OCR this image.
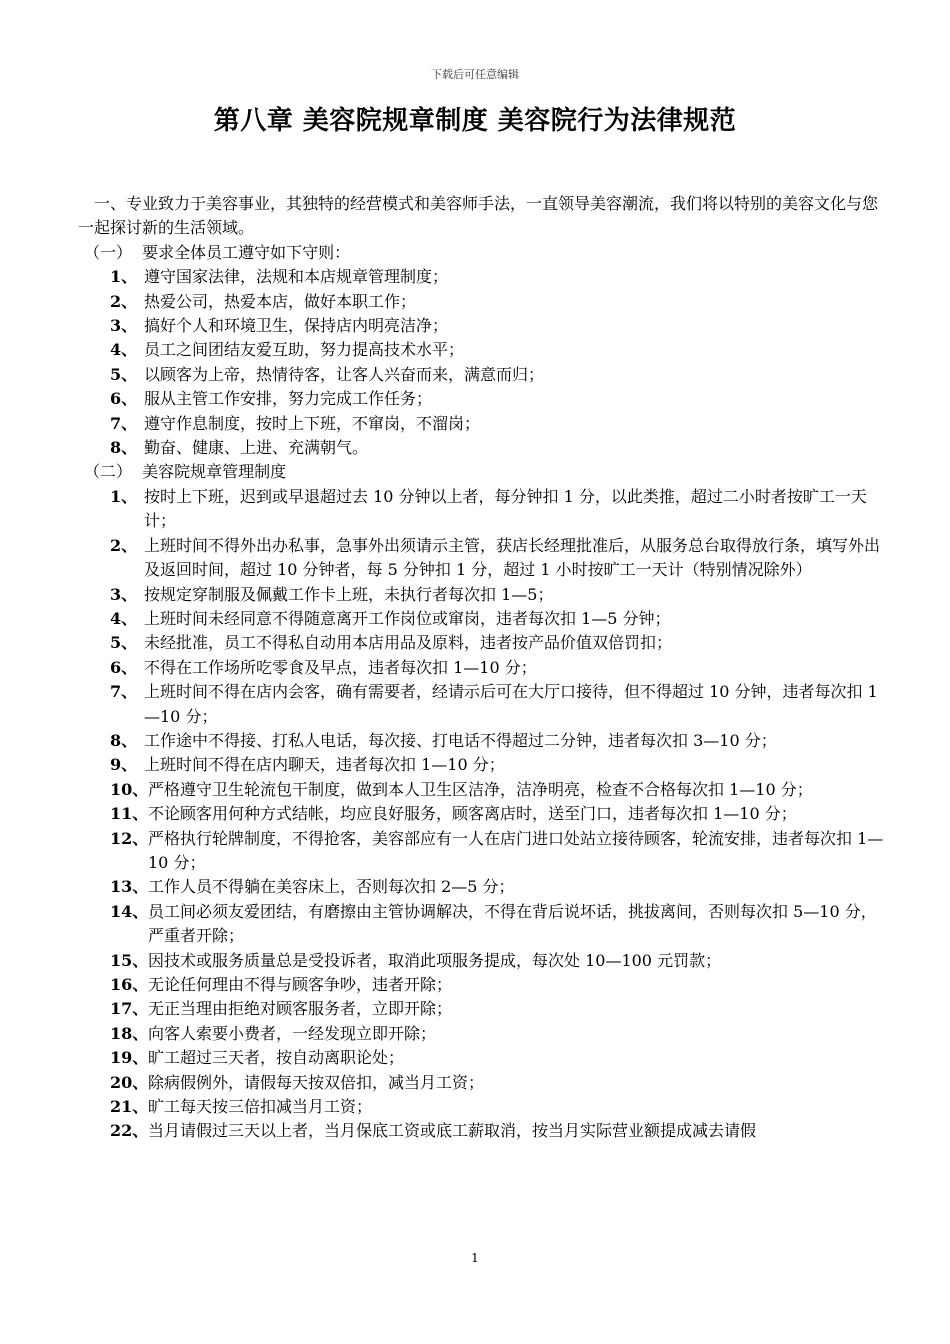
下载后可任意编辑
第八章 美容院规章制度 美容院行为法律规范

一、专业致力于美容事业，其独特的经营模式和美容师手法，一直领导美容潮流，我们将以特别的美容文化与您一起探讨新的生活领域。

（一）  要求全体员工遵守如下守则：

1、 遵守国家法律，法规和本店规章管理制度；
2、 热爱公司，热爱本店，做好本职工作；
3、 搞好个人和环境卫生，保持店内明亮洁净；
4、 员工之间团结友爱互助，努力提高技术水平；
5、 以顾客为上帝，热情待客，让客人兴奋而来，满意而归；
6、 服从主管工作安排，努力完成工作任务；
7、 遵守作息制度，按时上下班，不窜岗，不溜岗；
8、 勤奋、健康、上进、充满朝气。

（二）  美容院规章管理制度

1、 按时上下班，迟到或早退超过去 10 分钟以上者，每分钟扣 1 分，以此类推，超过二小时者按旷工一天计；
2、 上班时间不得外出办私事，急事外出须请示主管，获店长经理批准后，从服务总台取得放行条，填写外出及返回时间，超过 10 分钟者，每 5 分钟扣 1 分，超过 1 小时按旷工一天计（特别情况除外）
3、 按规定穿制服及佩戴工作卡上班，未执行者每次扣 1—5；
4、 上班时间未经同意不得随意离开工作岗位或窜岗，违者每次扣 1—5 分钟；
5、 未经批准，员工不得私自动用本店用品及原料，违者按产品价值双倍罚扣；
6、 不得在工作场所吃零食及早点，违者每次扣 1—10 分；
7、 上班时间不得在店内会客，确有需要者，经请示后可在大厅口接待，但不得超过 10 分钟，违者每次扣 1—10 分；
8、 工作途中不得接、打私人电话，每次接、打电话不得超过二分钟，违者每次扣 3—10 分；
9、 上班时间不得在店内聊天，违者每次扣 1—10 分；
10、 严格遵守卫生轮流包干制度，做到本人卫生区洁净，洁净明亮，检查不合格每次扣 1—10 分；
11、 不论顾客用何种方式结帐，均应良好服务，顾客离店时，送至门口，违者每次扣 1—10 分；
12、 严格执行轮牌制度，不得抢客，美容部应有一人在店门进口处站立接待顾客，轮流安排，违者每次扣 1—10 分；
13、 工作人员不得躺在美容床上，否则每次扣 2—5 分；
14、 员工间必须友爱团结，有磨擦由主管协调解决，不得在背后说坏话，挑拔离间，否则每次扣 5—10 分，严重者开除；
15、 因技术或服务质量总是受投诉者，取消此项服务提成，每次处 10—100 元罚款；
16、 无论任何理由不得与顾客争吵，违者开除；
17、 无正当理由拒绝对顾客服务者，立即开除；
18、 向客人索要小费者，一经发现立即开除；
19、 旷工超过三天者，按自动离职论处；
20、 除病假例外，请假每天按双倍扣，减当月工资；
21、 旷工每天按三倍扣减当月工资；
22、 当月请假过三天以上者，当月保底工资或底工薪取消，按当月实际营业额提成减去请假
1
